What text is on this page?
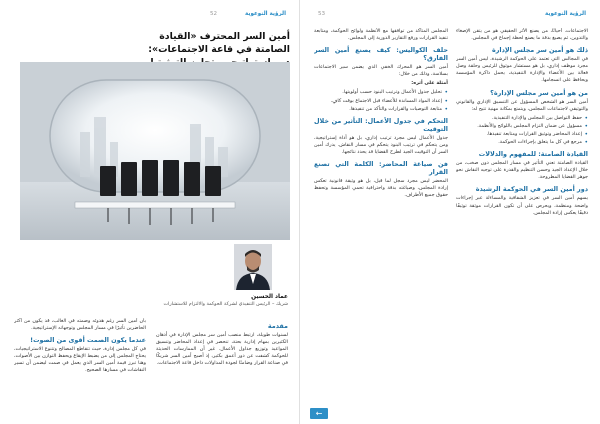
الرؤية النوعوية
52
أمين السر المحترف «القيادة الصامتة في قاعة الاجتماعات»:
عماد الحسين
شريك – الرئيس التنفيذي لشركة الحوكمة والالتزام للاستشارات
مقدمة

لسنوات طويلة، ارتبط منصب أمين سر مجلس الإدارة في أذهان الكثيرين بمهام إدارية بحتة، تنحصر في إعداد المحاضر وتنسيق المواعيد وتوزيع جداول الأعمال. غير أن الممارسات الحديثة للحوكمة كشفت عن دور أعمق بكثير، إذ أصبح أمين السر شريكًا في صناعة القرار وضامنًا لجودة المداولات داخل قاعة الاجتماعات.

بأن أمين السر رغم هدوئه وصمته في الغالب، قد يكون من أكثر الحاضرين تأثيرًا في مسار المجلس وتوجهاته الإستراتيجية.

عندما يكون الصمت أقوى من الصوت!

في كل مجلس إدارة، حيث تتقاطع المصالح وتتنوع الاستراتيجيات، يحتاج المجلس إلى من يضبط الإيقاع ويحفظ التوازن بين الأصوات، وهنا تبرز قيمة أمين السر الذي يعمل في صمت ليضمن أن تسير النقاشات في مسارها الصحيح.

الرؤية النوعوية
53

الاجتماعات. أحيانًا، من يصنع الأثر الحقيقي هو من يتقن الإصغاء والتدوين، ثم يصيغ بدقة ما يصنع لحظة إجماع في المجلس.

ذلك هو أمين سر مجلس الإدارة

في المجالس التي تعتمد على الحوكمة الرشيدة، ليس أمين السر مجرد موظف إداري، بل هو مستشار موثوق للرئيس وحلقة وصل فعالة بين الأعضاء والإدارة التنفيذية، يحمل ذاكرة المؤسسة ويحافظ على انسجامها.

من هو أمين سر مجلس الإدارة؟

أمين السر هو الشخص المسؤول عن التنسيق الإداري والقانوني والتوثيقي لاجتماعات المجلس، ويتمتع بمكانة مهنية تتيح له:

• حفظ التواصل بين المجلس والإدارة التنفيذية.
• مسؤول عن ضمان التزام المجلس باللوائح والأنظمة.
• إعداد المحاضر وتوثيق القرارات ومتابعة تنفيذها.
• مرجع في كل ما يتعلق بإجراءات الحوكمة.
القيادة الصامتة: للمفهوم والدلالات

القيادة الصامتة تعني التأثير في مسار المجلس دون صخب، من خلال الإعداد الجيد وحسن التنظيم والقدرة على توجيه النقاش نحو جوهر القضايا المطروحة.

دور أمين السر في الحوكمة الرشيدة

يسهم أمين السر في تعزيز الشفافية والمساءلة عبر إجراءات واضحة ومنظمة، ويحرص على أن تكون القرارات موثقة توثيقًا دقيقًا يعكس إرادة المجلس.

المجلس المتأكد من توافقها مع الأنظمة ولوائح الحوكمة، ومتابعة تنفيذ القرارات ورفع التقارير الدورية إلى المجلس.

حلف الكواليس: كيف يصنع أمين السر الفارق؟

أمين السر هو المحرك الخفي الذي يضمن سير الاجتماعات بسلاسة، وذلك من خلال:

أمثلة على أثره:

• تحليل جدول الأعمال وترتيب البنود حسب أولويتها.
• إعداد المواد المساندة للأعضاء قبل الاجتماع بوقت كافٍ.
• متابعة التوصيات والقرارات والتأكد من تنفيذها.
التحكم في جدول الأعمال: التأثير من خلال التوقيت

جدول الأعمال ليس مجرد ترتيب إداري، بل هو أداة إستراتيجية، ومن يتحكم في ترتيب البنود يتحكم في مسار النقاش. يدرك أمين السر أن التوقيت الجيد لطرح القضايا قد يحدد نتائجها.

فن صياغة المحاضر: الكلمة التي تصنع القرار

المحضر ليس مجرد سجل لما قيل، بل هو وثيقة قانونية تعكس إرادة المجلس، وصياغته بدقة واحترافية تحمي المؤسسة وتحفظ حقوق جميع الأطراف.

←
